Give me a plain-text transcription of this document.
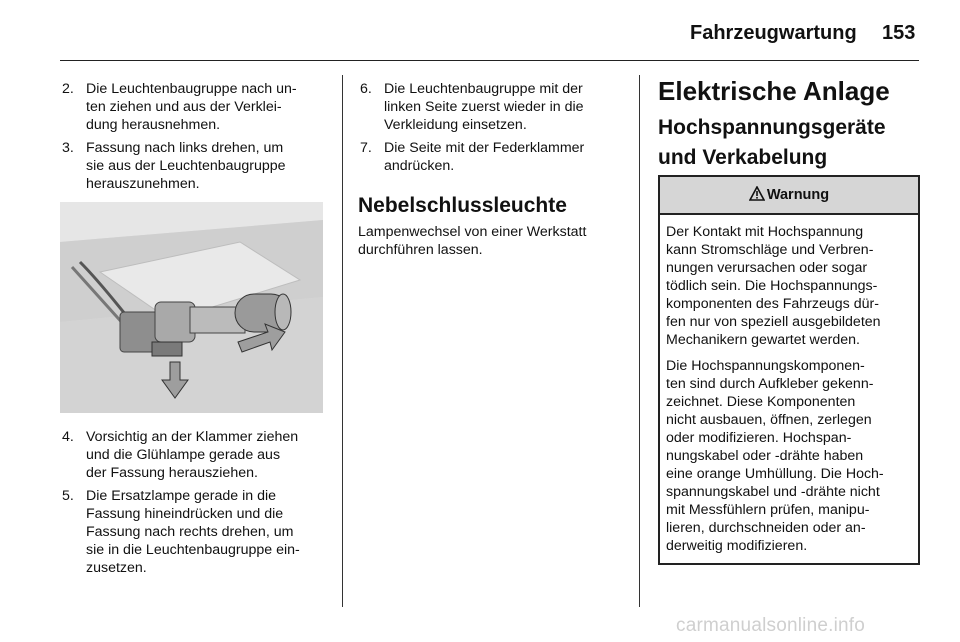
Fahrzeugwartung 153
2. Die Leuchtenbaugruppe nach un-
ten ziehen und aus der Verklei-
dung herausnehmen.
3. Fassung nach links drehen, um
sie aus der Leuchtenbaugruppe
herauszunehmen.
4. Vorsichtig an der Klammer ziehen
und die Glühlampe gerade aus
der Fassung herausziehen.
5. Die Ersatzlampe gerade in die
Fassung hineindrücken und die
Fassung nach rechts drehen, um
sie in die Leuchtenbaugruppe ein-
zusetzen.
6. Die Leuchtenbaugruppe mit der
linken Seite zuerst wieder in die
Verkleidung einsetzen.
7. Die Seite mit der Federklammer
andrücken.
Nebelschlussleuchte

Lampenwechsel von einer Werkstatt
durchführen lassen.

Elektrische Anlage
Hochspannungsgeräte
und Verkabelung
Warnung

Der Kontakt mit Hochspannung
kann Stromschläge und Verbren-
nungen verursachen oder sogar
tödlich sein. Die Hochspannungs-
komponenten des Fahrzeugs dür-
fen nur von speziell ausgebildeten
Mechanikern gewartet werden.

Die Hochspannungskomponen-
ten sind durch Aufkleber gekenn-
zeichnet. Diese Komponenten
nicht ausbauen, öffnen, zerlegen
oder modifizieren. Hochspan-
nungskabel oder -drähte haben
eine orange Umhüllung. Die Hoch-
spannungskabel und -drähte nicht
mit Messfühlern prüfen, manipu-
lieren, durchschneiden oder an-
derweitig modifizieren.

carmanualsonline.info
